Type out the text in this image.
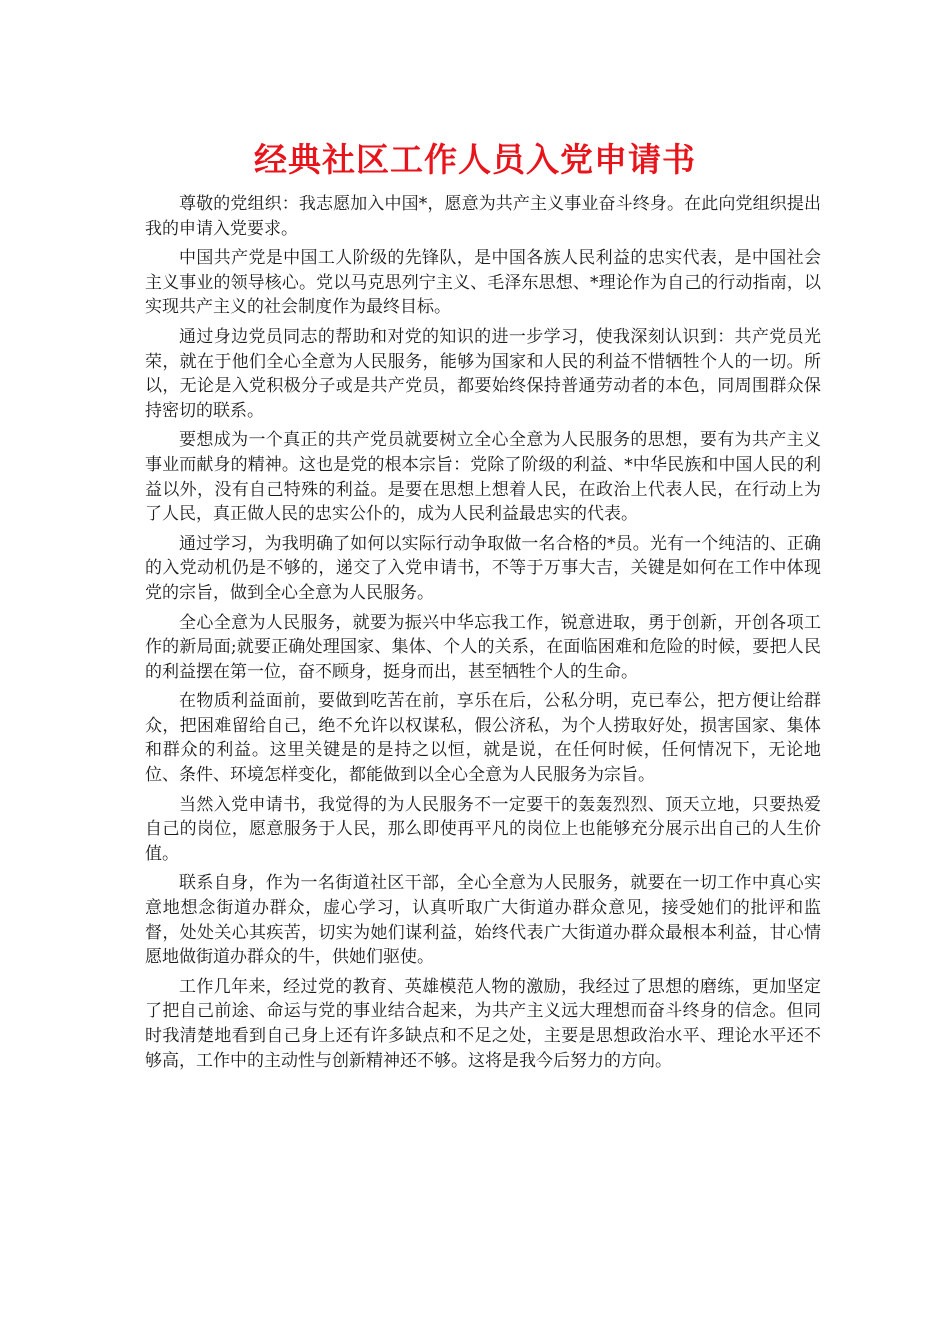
经典社区工作人员入党申请书

尊敬的党组织：我志愿加入中国*，愿意为共产主义事业奋斗终身。在此向党组织提出我的申请入党要求。

中国共产党是中国工人阶级的先锋队，是中国各族人民利益的忠实代表，是中国社会主义事业的领导核心。党以马克思列宁主义、毛泽东思想、*理论作为自己的行动指南，以实现共产主义的社会制度作为最终目标。

通过身边党员同志的帮助和对党的知识的进一步学习，使我深刻认识到：共产党员光荣，就在于他们全心全意为人民服务，能够为国家和人民的利益不惜牺牲个人的一切。所以，无论是入党积极分子或是共产党员，都要始终保持普通劳动者的本色，同周围群众保持密切的联系。

要想成为一个真正的共产党员就要树立全心全意为人民服务的思想，要有为共产主义事业而献身的精神。这也是党的根本宗旨：党除了阶级的利益、*中华民族和中国人民的利益以外，没有自己特殊的利益。是要在思想上想着人民，在政治上代表人民，在行动上为了人民，真正做人民的忠实公仆的，成为人民利益最忠实的代表。

通过学习，为我明确了如何以实际行动争取做一名合格的*员。光有一个纯洁的、正确的入党动机仍是不够的，递交了入党申请书，不等于万事大吉，关键是如何在工作中体现党的宗旨，做到全心全意为人民服务。

全心全意为人民服务，就要为振兴中华忘我工作，锐意进取，勇于创新，开创各项工作的新局面;就要正确处理国家、集体、个人的关系，在面临困难和危险的时候，要把人民的利益摆在第一位，奋不顾身，挺身而出，甚至牺牲个人的生命。

在物质利益面前，要做到吃苦在前，享乐在后，公私分明，克已奉公，把方便让给群众，把困难留给自己，绝不允许以权谋私，假公济私，为个人捞取好处，损害国家、集体和群众的利益。这里关键是的是持之以恒，就是说，在任何时候，任何情况下，无论地位、条件、环境怎样变化，都能做到以全心全意为人民服务为宗旨。

当然入党申请书，我觉得的为人民服务不一定要干的轰轰烈烈、顶天立地，只要热爱自己的岗位，愿意服务于人民，那么即使再平凡的岗位上也能够充分展示出自己的人生价值。

联系自身，作为一名街道社区干部，全心全意为人民服务，就要在一切工作中真心实意地想念街道办群众，虚心学习，认真听取广大街道办群众意见，接受她们的批评和监督，处处关心其疾苦，切实为她们谋利益，始终代表广大街道办群众最根本利益，甘心情愿地做街道办群众的牛，供她们驱使。

工作几年来，经过党的教育、英雄模范人物的激励，我经过了思想的磨练，更加坚定了把自己前途、命运与党的事业结合起来，为共产主义远大理想而奋斗终身的信念。但同时我清楚地看到自己身上还有许多缺点和不足之处，主要是思想政治水平、理论水平还不够高，工作中的主动性与创新精神还不够。这将是我今后努力的方向。
